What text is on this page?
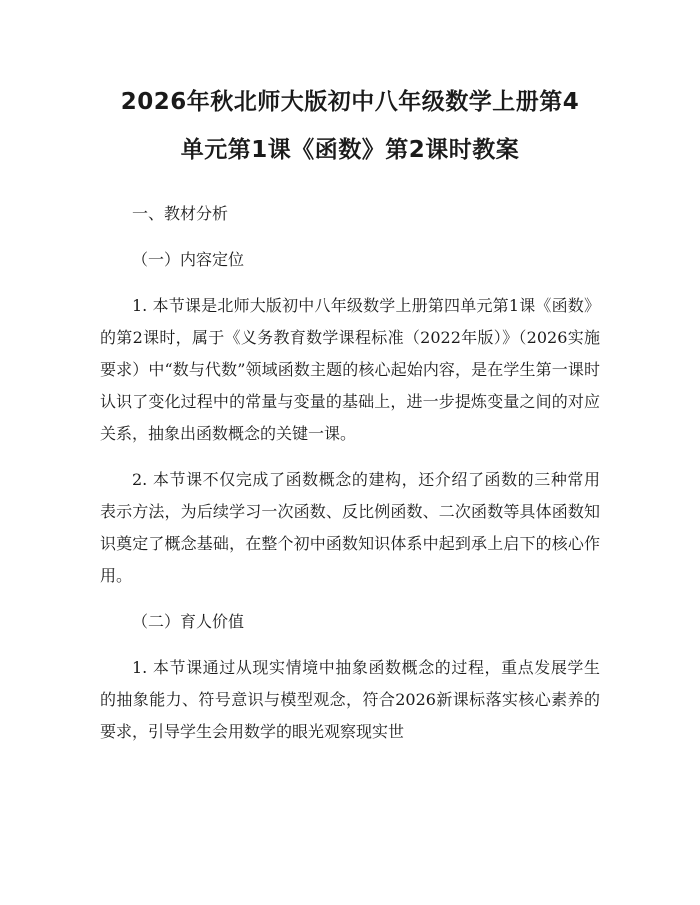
2026年秋北师大版初中八年级数学上册第4
单元第1课《函数》第2课时教案

一、教材分析

（一）内容定位

1. 本节课是北师大版初中八年级数学上册第四单元第1课《函数》的第2课时，属于《义务教育数学课程标准（2022年版）》（2026实施要求）中“数与代数”领域函数主题的核心起始内容，是在学生第一课时认识了变化过程中的常量与变量的基础上，进一步提炼变量之间的对应关系，抽象出函数概念的关键一课。

2. 本节课不仅完成了函数概念的建构，还介绍了函数的三种常用表示方法，为后续学习一次函数、反比例函数、二次函数等具体函数知识奠定了概念基础，在整个初中函数知识体系中起到承上启下的核心作用。

（二）育人价值

1. 本节课通过从现实情境中抽象函数概念的过程，重点发展学生的抽象能力、符号意识与模型观念，符合2026新课标落实核心素养的要求，引导学生会用数学的眼光观察现实世
